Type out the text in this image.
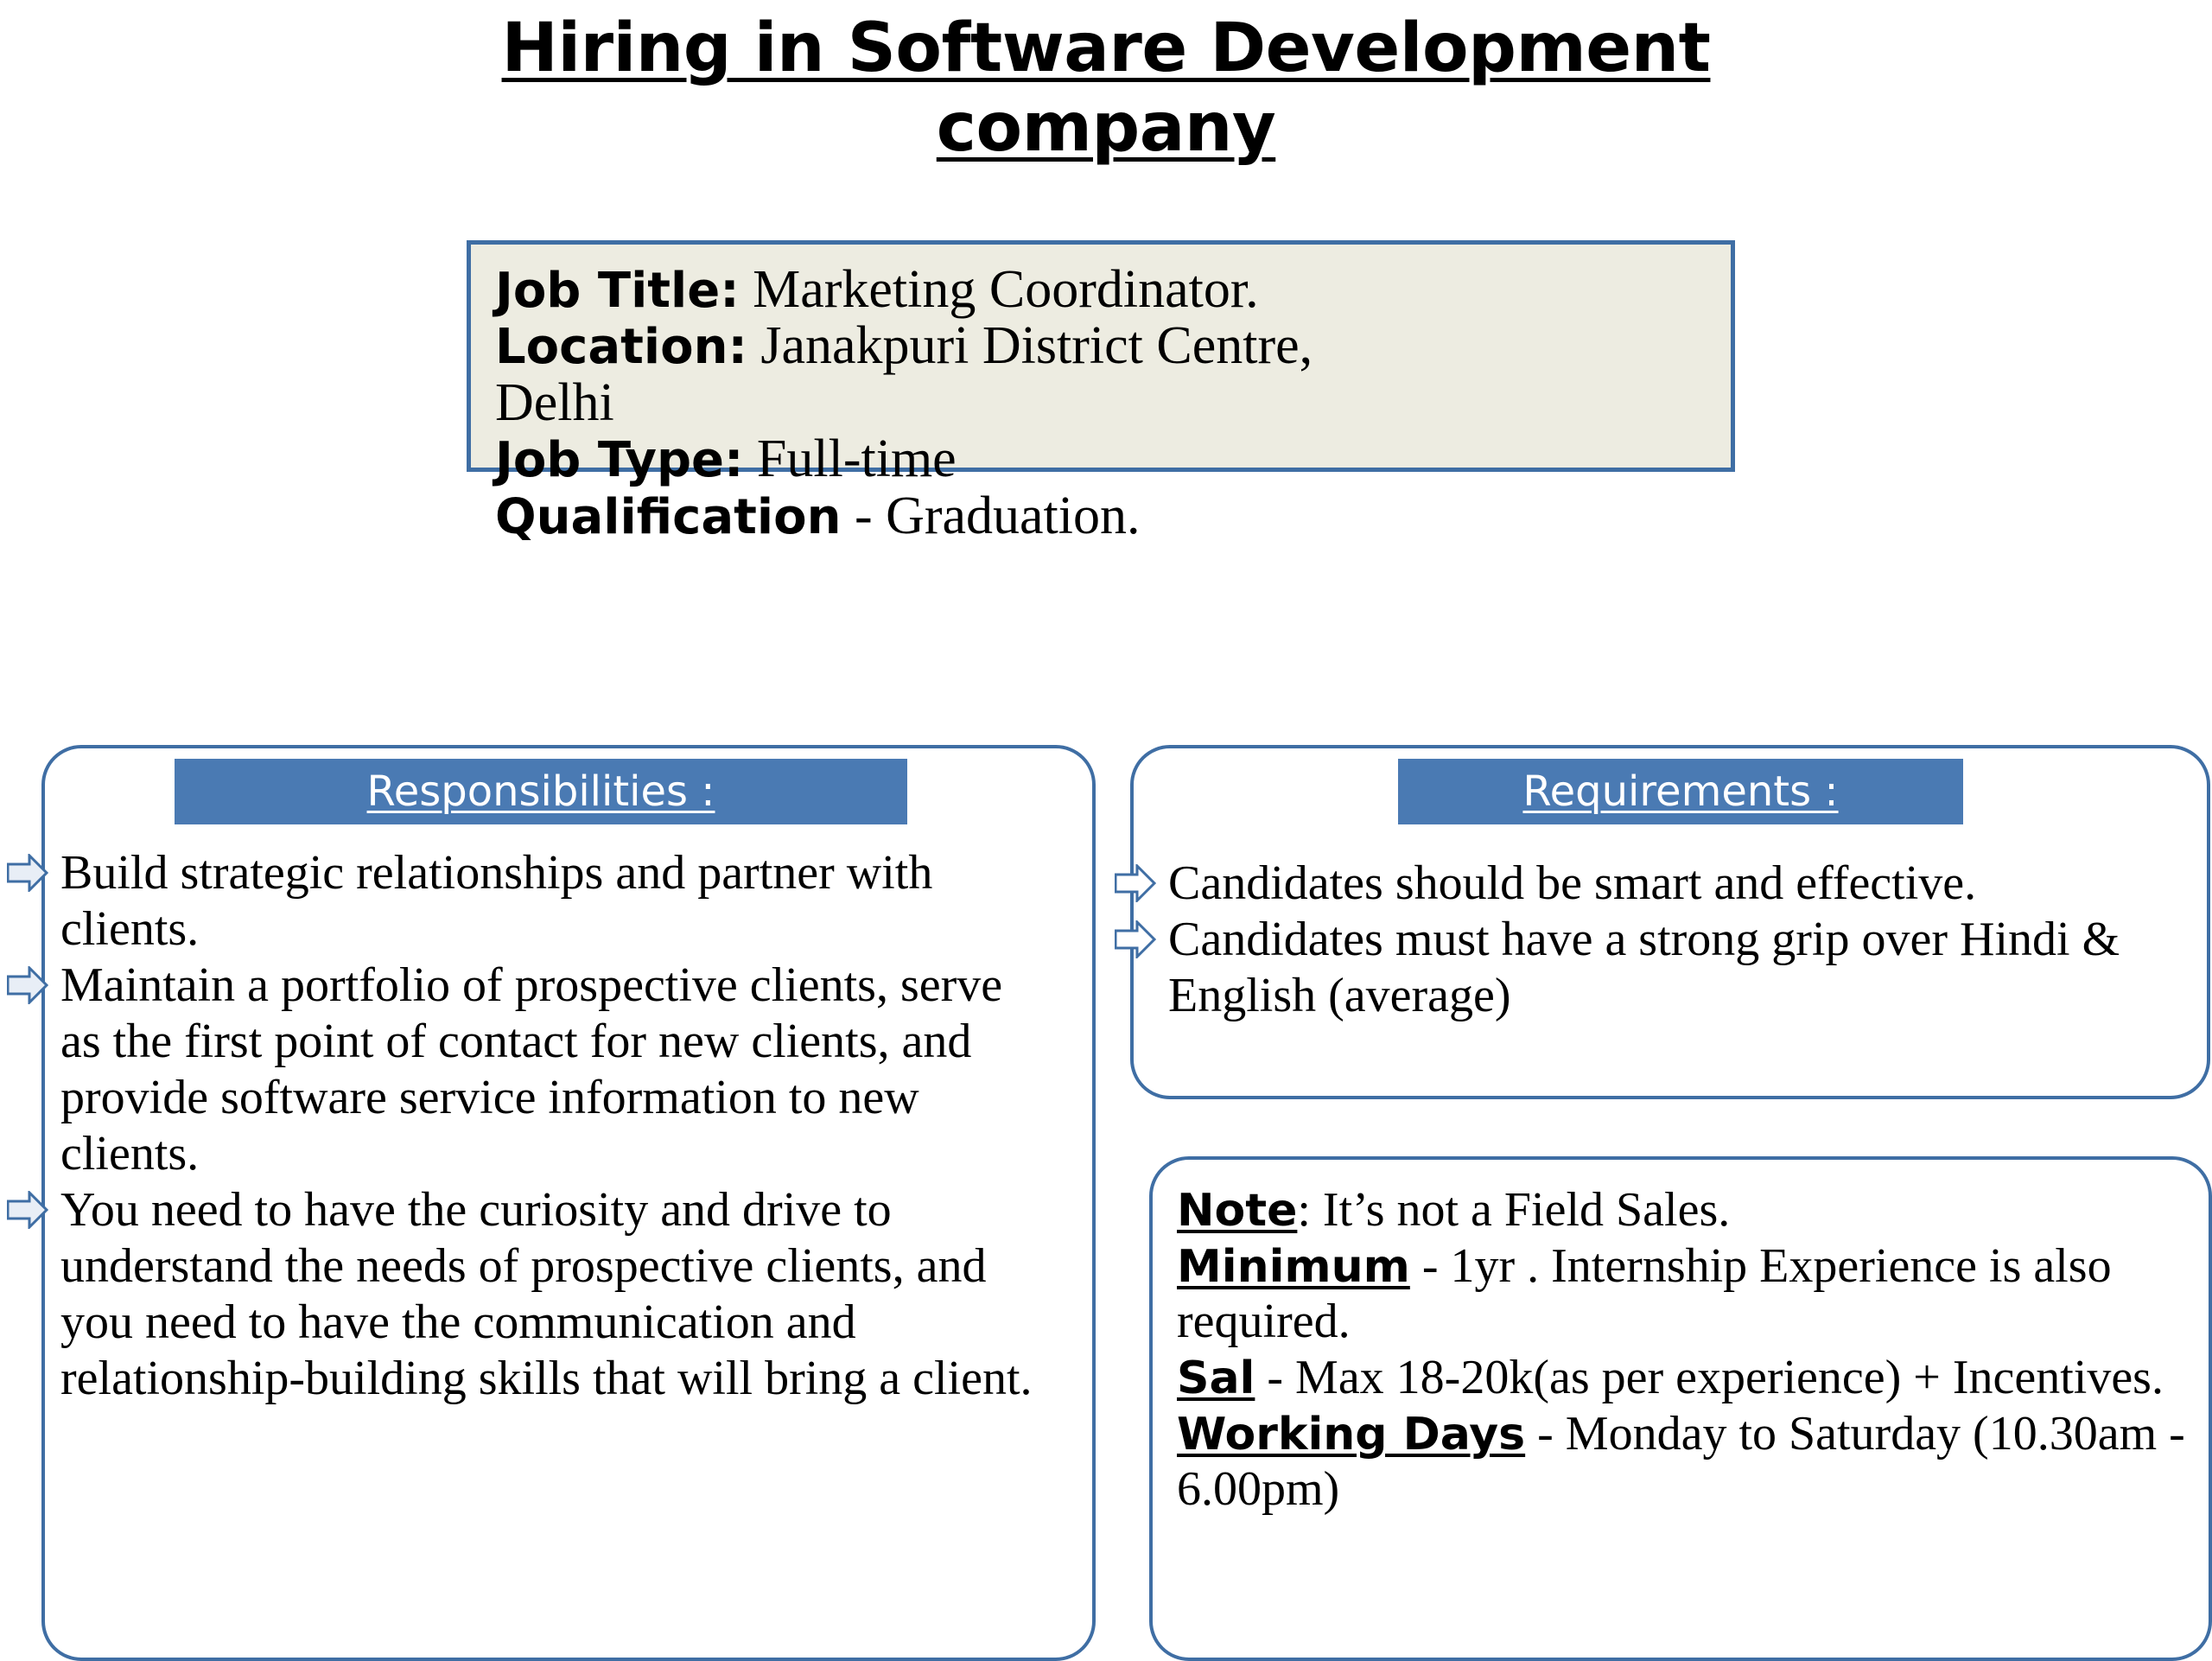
Hiring in Software Development
company
Job Title: Marketing Coordinator.
Location: Janakpuri District Centre,
Delhi
Job Type: Full-time
Qualification - Graduation.
Responsibilities :
Build strategic relationships and partner with clients.
Maintain a portfolio of prospective clients, serve as the first point of contact for new clients, and provide software service information to new clients.
You need to have the curiosity and drive to understand the needs of prospective clients, and you need to have the communication and relationship-building skills that will bring a client.
Requirements :
Candidates should be smart and effective.
Candidates must have a strong grip over Hindi & English (average)
Note: It’s not a Field Sales.
Minimum - 1yr . Internship Experience is also required.
Sal - Max 18-20k(as per experience) + Incentives.
Working Days - Monday to Saturday (10.30am - 6.00pm)
